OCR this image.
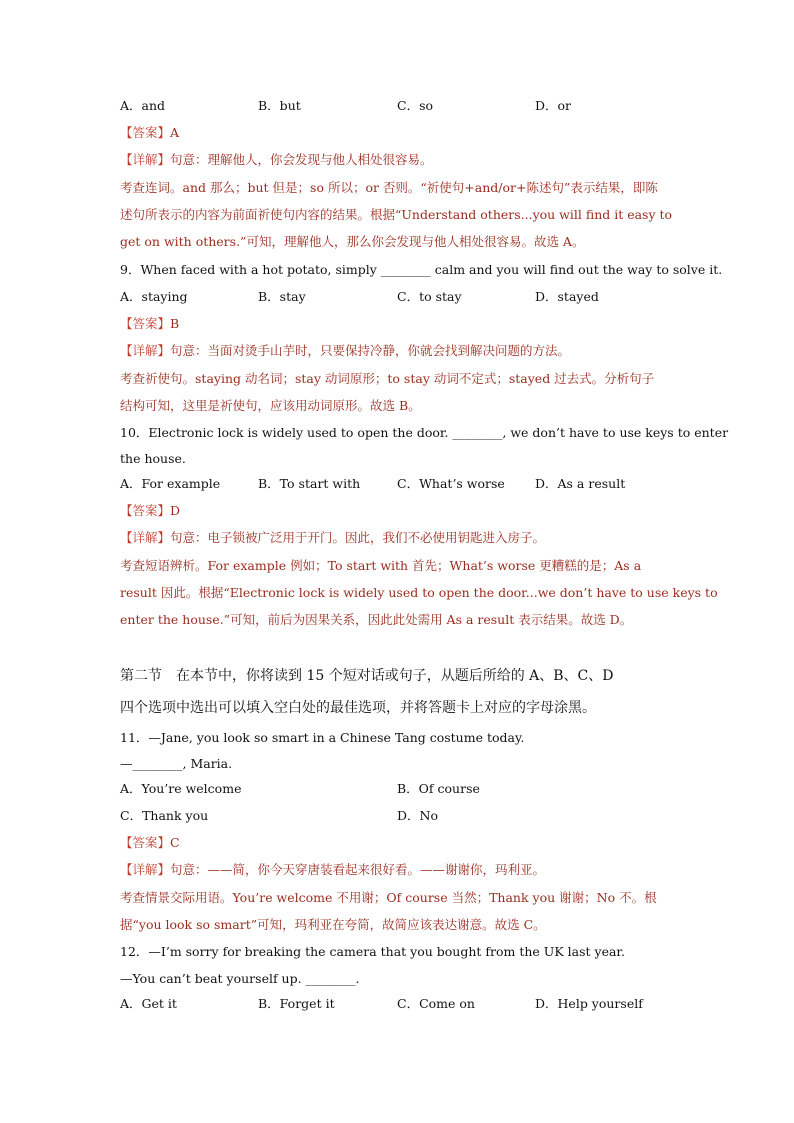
A．and	B．but	C．so	D．or
【答案】A
【详解】句意：理解他人，你会发现与他人相处很容易。
考查连词。and 那么；but 但是；so 所以；or 否则。“祈使句+and/or+陈述句”表示结果，即陈
述句所表示的内容为前面祈使句内容的结果。根据“Understand others...you will find it easy to
get on with others.”可知，理解他人，那么你会发现与他人相处很容易。故选 A。
9．When faced with a hot potato, simply ________ calm and you will find out the way to solve it.
A．staying	B．stay	C．to stay	D．stayed
【答案】B
【详解】句意：当面对烫手山芋时，只要保持冷静，你就会找到解决问题的方法。
考查祈使句。staying 动名词；stay 动词原形；to stay 动词不定式；stayed 过去式。分析句子
结构可知，这里是祈使句，应该用动词原形。故选 B。
10．Electronic lock is widely used to open the door. ________, we don’t have to use keys to enter
the house.
A．For example	B．To start with	C．What’s worse D．As a result
【答案】D
【详解】句意：电子锁被广泛用于开门。因此，我们不必使用钥匙进入房子。
考查短语辨析。For example 例如；To start with 首先；What’s worse 更糟糕的是；As a
result 因此。根据“Electronic lock is widely used to open the door...we don’t have to use keys to
enter the house.”可知，前后为因果关系，因此此处需用 As a result 表示结果。故选 D。
第二节　在本节中，你将读到 15 个短对话或句子，从题后所给的 A、B、C、D
四个选项中选出可以填入空白处的最佳选项，并将答题卡上对应的字母涂黑。
11．—Jane, you look so smart in a Chinese Tang costume today.
—________, Maria.
A．You’re welcome	B．Of course
C．Thank you	D．No
【答案】C
【详解】句意：——简，你今天穿唐装看起来很好看。——谢谢你，玛利亚。
考查情景交际用语。You’re welcome 不用谢；Of course 当然；Thank you 谢谢；No 不。根
据“you look so smart”可知，玛利亚在夸简，故简应该表达谢意。故选 C。
12．—I’m sorry for breaking the camera that you bought from the UK last year.
—You can’t beat yourself up. ________.
A．Get it	B．Forget it	C．Come on	D．Help yourself
